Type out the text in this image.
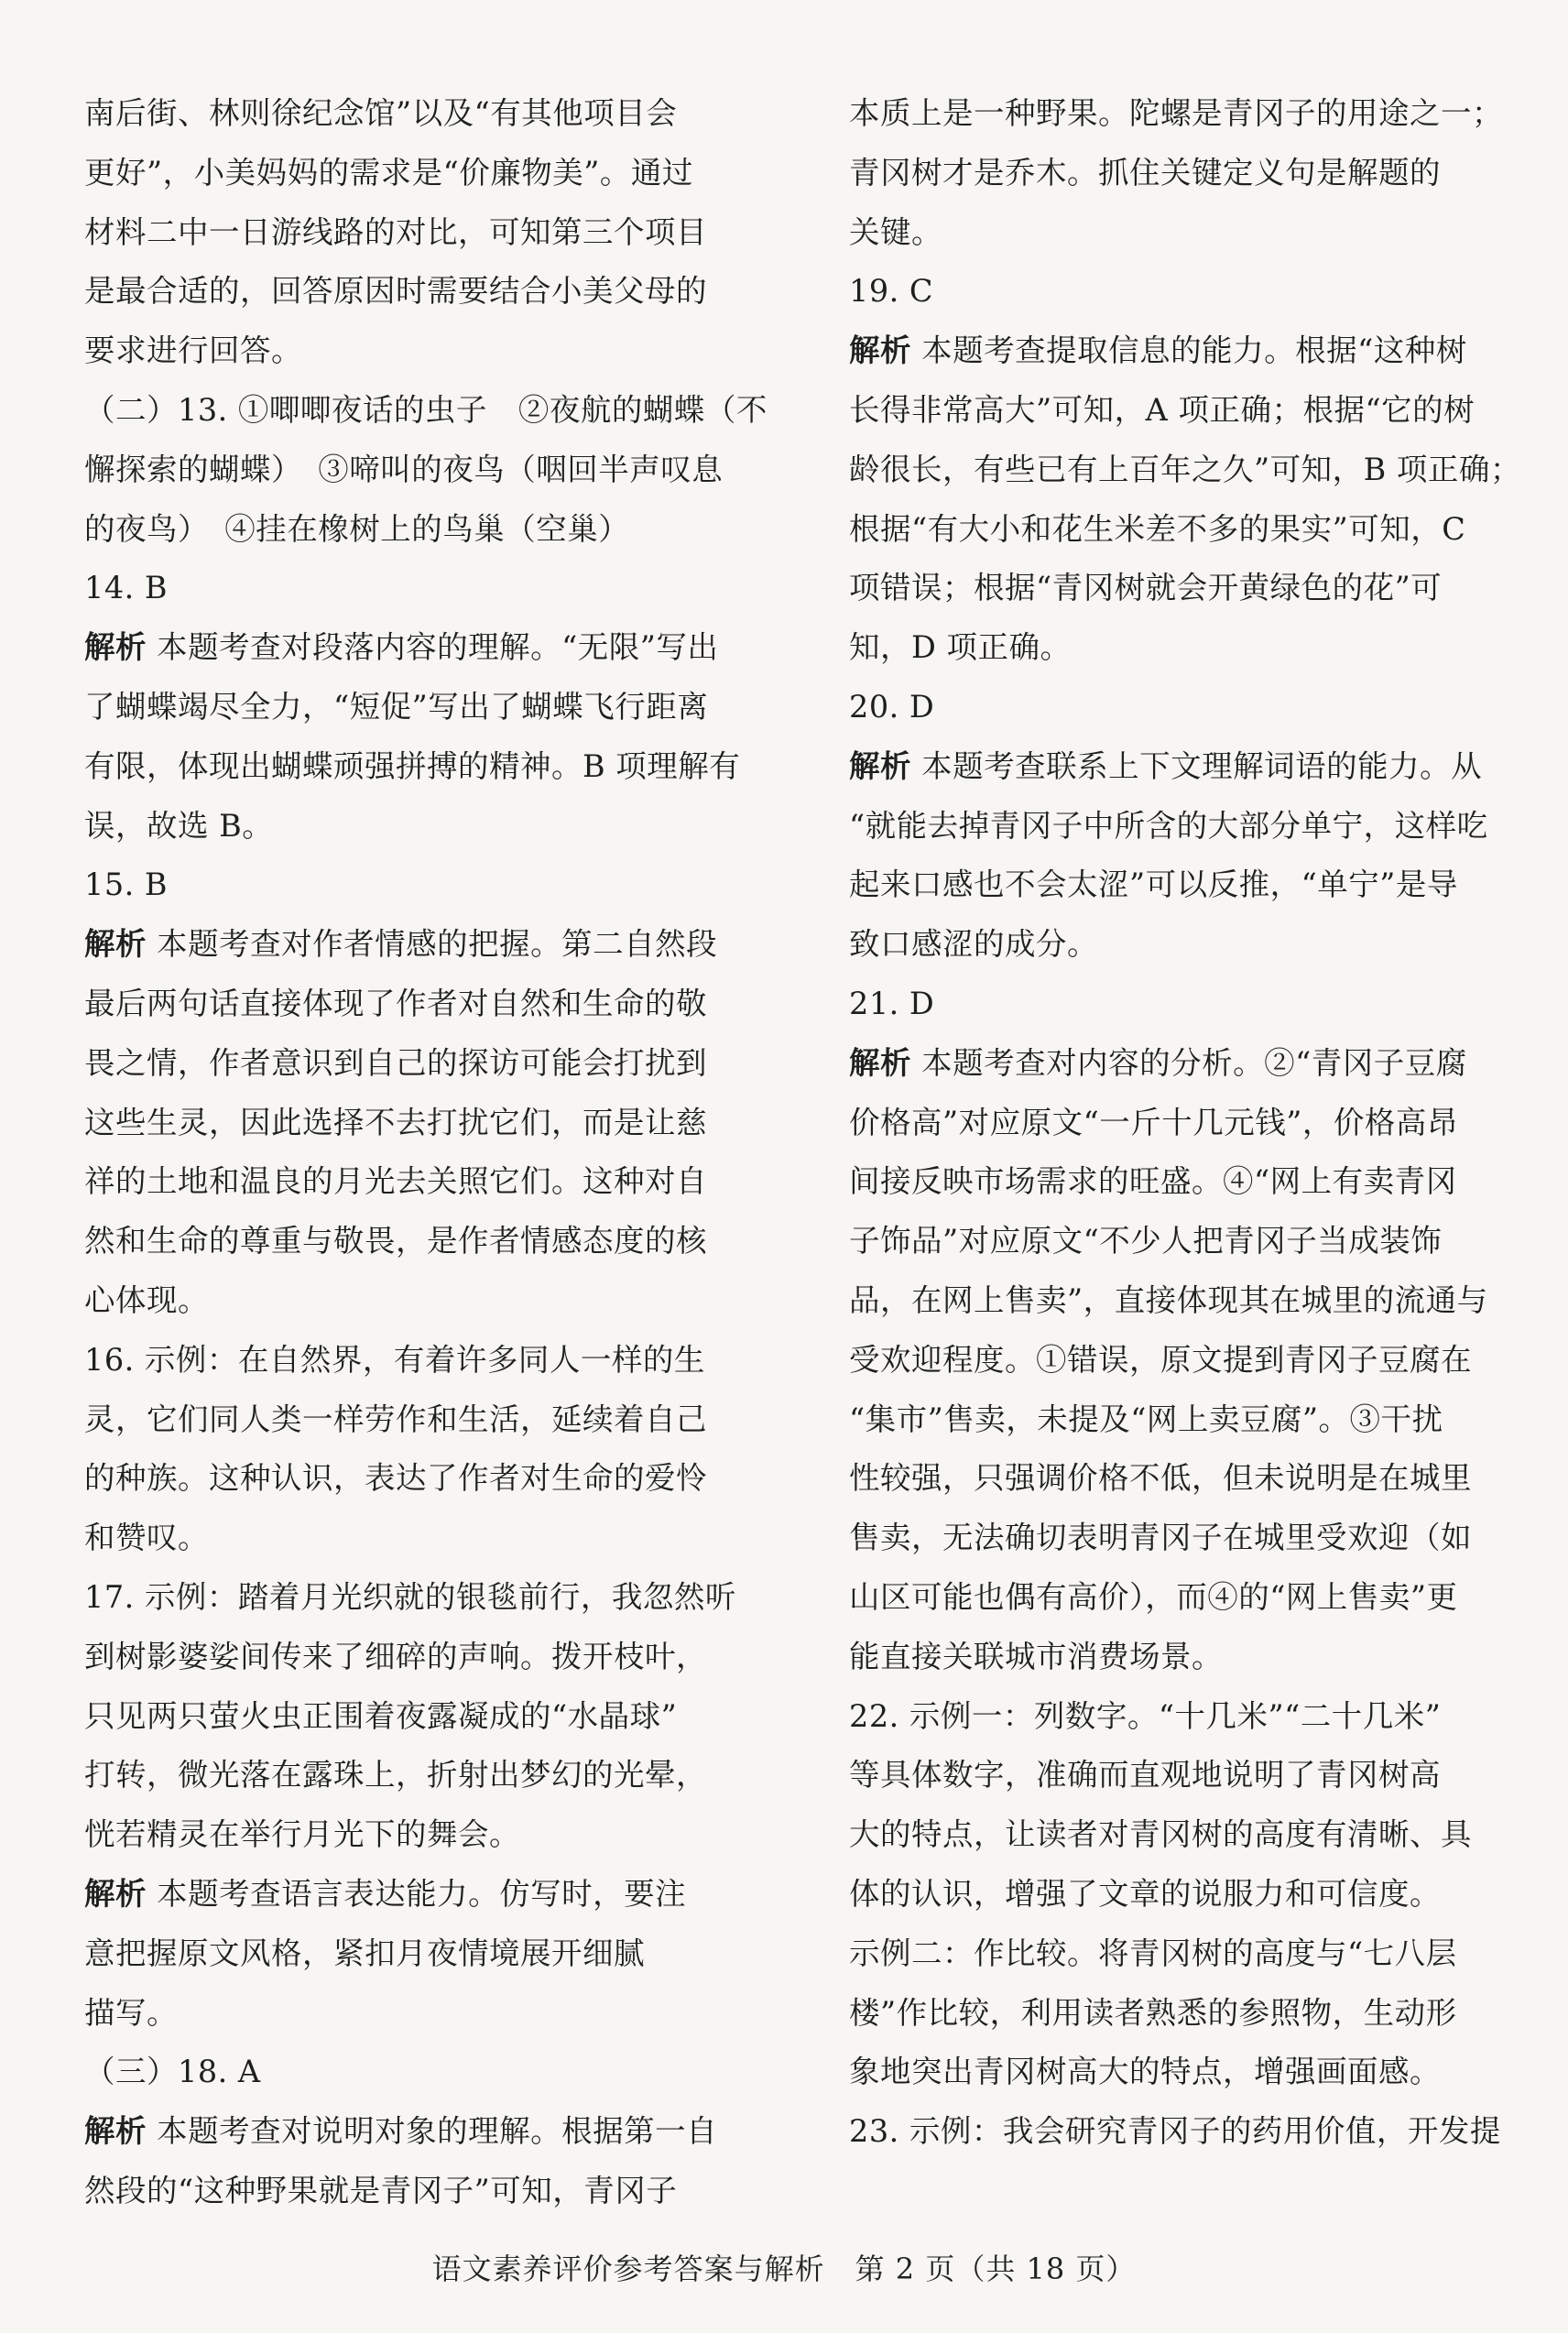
南后街、林则徐纪念馆”以及“有其他项目会
更好”，小美妈妈的需求是“价廉物美”。通过
材料二中一日游线路的对比，可知第三个项目
是最合适的，回答原因时需要结合小美父母的
要求进行回答。
（二）13. ①唧唧夜话的虫子　②夜航的蝴蝶（不
懈探索的蝴蝶）　③啼叫的夜鸟（咽回半声叹息
的夜鸟）　④挂在橡树上的鸟巢（空巢）
14. B
解析 本题考查对段落内容的理解。“无限”写出
了蝴蝶竭尽全力，“短促”写出了蝴蝶飞行距离
有限，体现出蝴蝶顽强拼搏的精神。B 项理解有
误，故选 B。
15. B
解析 本题考查对作者情感的把握。第二自然段
最后两句话直接体现了作者对自然和生命的敬
畏之情，作者意识到自己的探访可能会打扰到
这些生灵，因此选择不去打扰它们，而是让慈
祥的土地和温良的月光去关照它们。这种对自
然和生命的尊重与敬畏，是作者情感态度的核
心体现。
16. 示例：在自然界，有着许多同人一样的生
灵，它们同人类一样劳作和生活，延续着自己
的种族。这种认识，表达了作者对生命的爱怜
和赞叹。
17. 示例：踏着月光织就的银毯前行，我忽然听
到树影婆娑间传来了细碎的声响。拨开枝叶，
只见两只萤火虫正围着夜露凝成的“水晶球”
打转，微光落在露珠上，折射出梦幻的光晕，
恍若精灵在举行月光下的舞会。
解析 本题考查语言表达能力。仿写时，要注
意把握原文风格，紧扣月夜情境展开细腻
描写。
（三）18. A
解析 本题考查对说明对象的理解。根据第一自
然段的“这种野果就是青冈子”可知，青冈子
本质上是一种野果。陀螺是青冈子的用途之一；
青冈树才是乔木。抓住关键定义句是解题的
关键。
19. C
解析 本题考查提取信息的能力。根据“这种树
长得非常高大”可知，A 项正确；根据“它的树
龄很长，有些已有上百年之久”可知，B 项正确；
根据“有大小和花生米差不多的果实”可知，C
项错误；根据“青冈树就会开黄绿色的花”可
知，D 项正确。
20. D
解析 本题考查联系上下文理解词语的能力。从
“就能去掉青冈子中所含的大部分单宁，这样吃
起来口感也不会太涩”可以反推，“单宁”是导
致口感涩的成分。
21. D
解析 本题考查对内容的分析。②“青冈子豆腐
价格高”对应原文“一斤十几元钱”，价格高昂
间接反映市场需求的旺盛。④“网上有卖青冈
子饰品”对应原文“不少人把青冈子当成装饰
品，在网上售卖”，直接体现其在城里的流通与
受欢迎程度。①错误，原文提到青冈子豆腐在
“集市”售卖，未提及“网上卖豆腐”。③干扰
性较强，只强调价格不低，但未说明是在城里
售卖，无法确切表明青冈子在城里受欢迎（如
山区可能也偶有高价），而④的“网上售卖”更
能直接关联城市消费场景。
22. 示例一：列数字。“十几米”“二十几米”
等具体数字，准确而直观地说明了青冈树高
大的特点，让读者对青冈树的高度有清晰、具
体的认识，增强了文章的说服力和可信度。
示例二：作比较。将青冈树的高度与“七八层
楼”作比较，利用读者熟悉的参照物，生动形
象地突出青冈树高大的特点，增强画面感。
23. 示例：我会研究青冈子的药用价值，开发提
语文素养评价参考答案与解析　第 2 页（共 18 页）
